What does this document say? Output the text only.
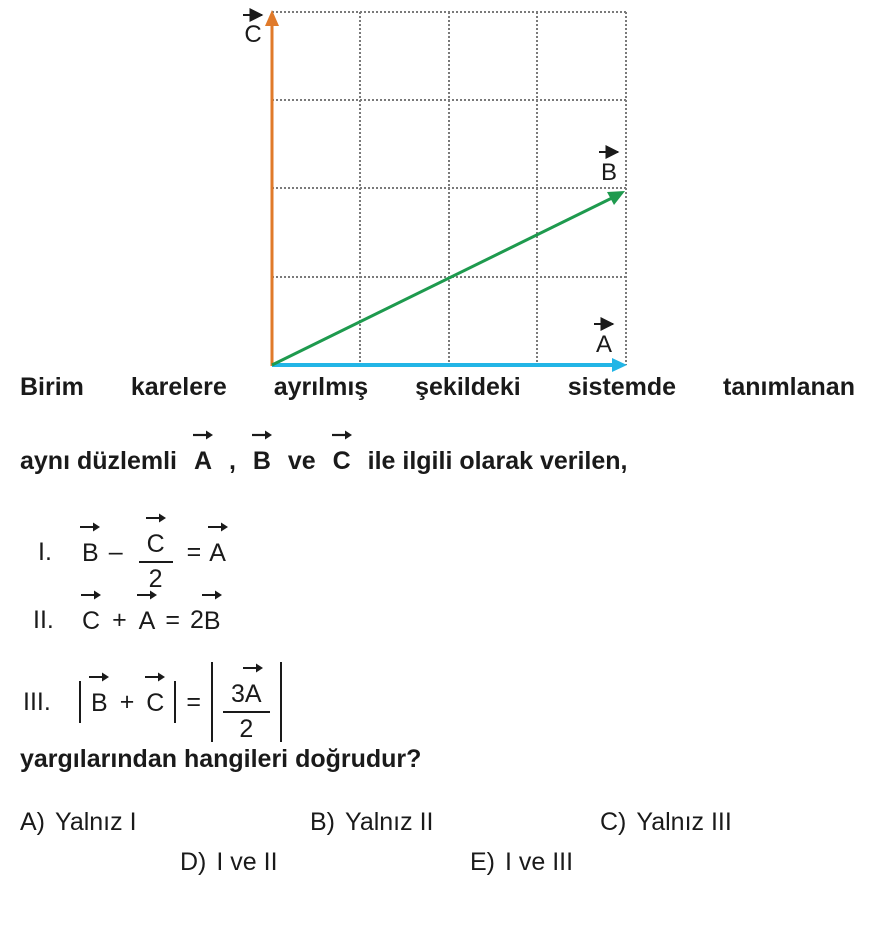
C
B
A
Birim karelere ayrılmış şekildeki sistemde tanımlanan
aynı düzlemli A , B ve C ile ilgili olarak verilen,
I.	$B - \frac{C}{2} = A$
II.	C + A = 2 B
III.	B + C = 3
A
2
yargılarından hangileri doğrudur?
A) Yalnız I	B) Yalnız II	C) Yalnız III
D) I ve II	E) I ve III
